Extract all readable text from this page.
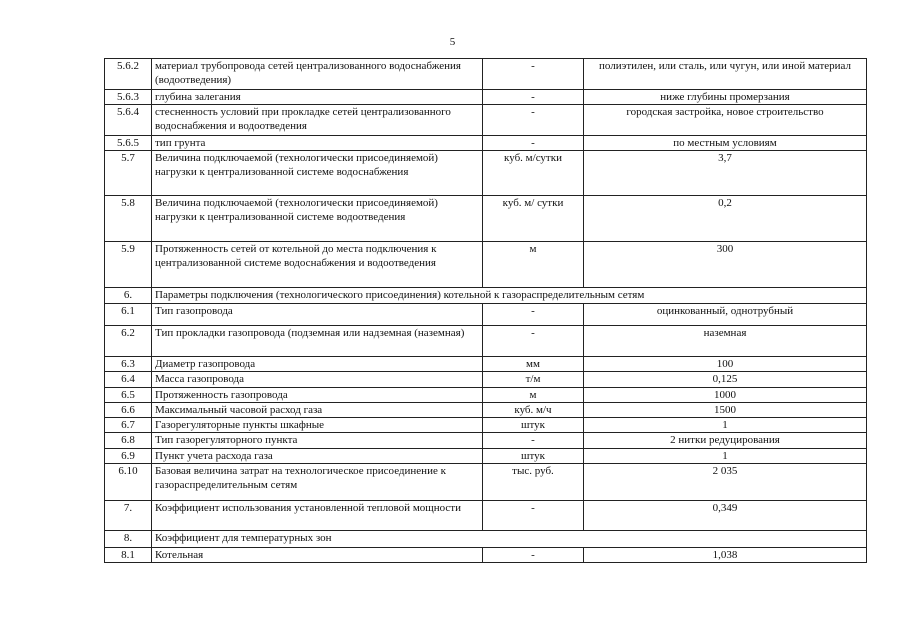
5
5.6.2	материал трубопровода сетей централизованного водоснабжения (водоотведения)	-	полиэтилен, или сталь, или чугун, или иной материал
5.6.3	глубина залегания	-	ниже глубины промерзания
5.6.4	стесненность условий при прокладке сетей централизованного водоснабжения и водоотведения	-	городская застройка, новое строительство
5.6.5	тип грунта	-	по местным условиям
5.7	Величина подключаемой (технологически присоединяемой) нагрузки к централизованной системе водоснабжения	куб. м/сутки	3,7
5.8	Величина подключаемой (технологически присоединяемой) нагрузки к централизованной системе водоотведения	куб. м/ сутки	0,2
5.9	Протяженность сетей от котельной до места подключения к централизованной системе водоснабжения и водоотведения	м	300
6.	Параметры подключения (технологического присоединения) котельной к газораспределительным сетям		
6.1	Тип газопровода	-	оцинкованный, однотрубный
6.2	Тип прокладки газопровода (подземная или надземная (наземная)	-	наземная
6.3	Диаметр газопровода	мм	100
6.4	Масса газопровода	т/м	0,125
6.5	Протяженность газопровода	м	1000
6.6	Максимальный часовой расход газа	куб. м/ч	1500
6.7	Газорегуляторные пункты шкафные	штук	1
6.8	Тип газорегуляторного пункта	-	2 нитки редуцирования
6.9	Пункт учета расхода газа	штук	1
6.10	Базовая величина затрат на технологическое присоединение к газораспределительным сетям	тыс. руб.	2 035
7.	Коэффициент использования установленной тепловой мощности	-	0,349
8.	Коэффициент для температурных зон		
8.1	Котельная	-	1,038
